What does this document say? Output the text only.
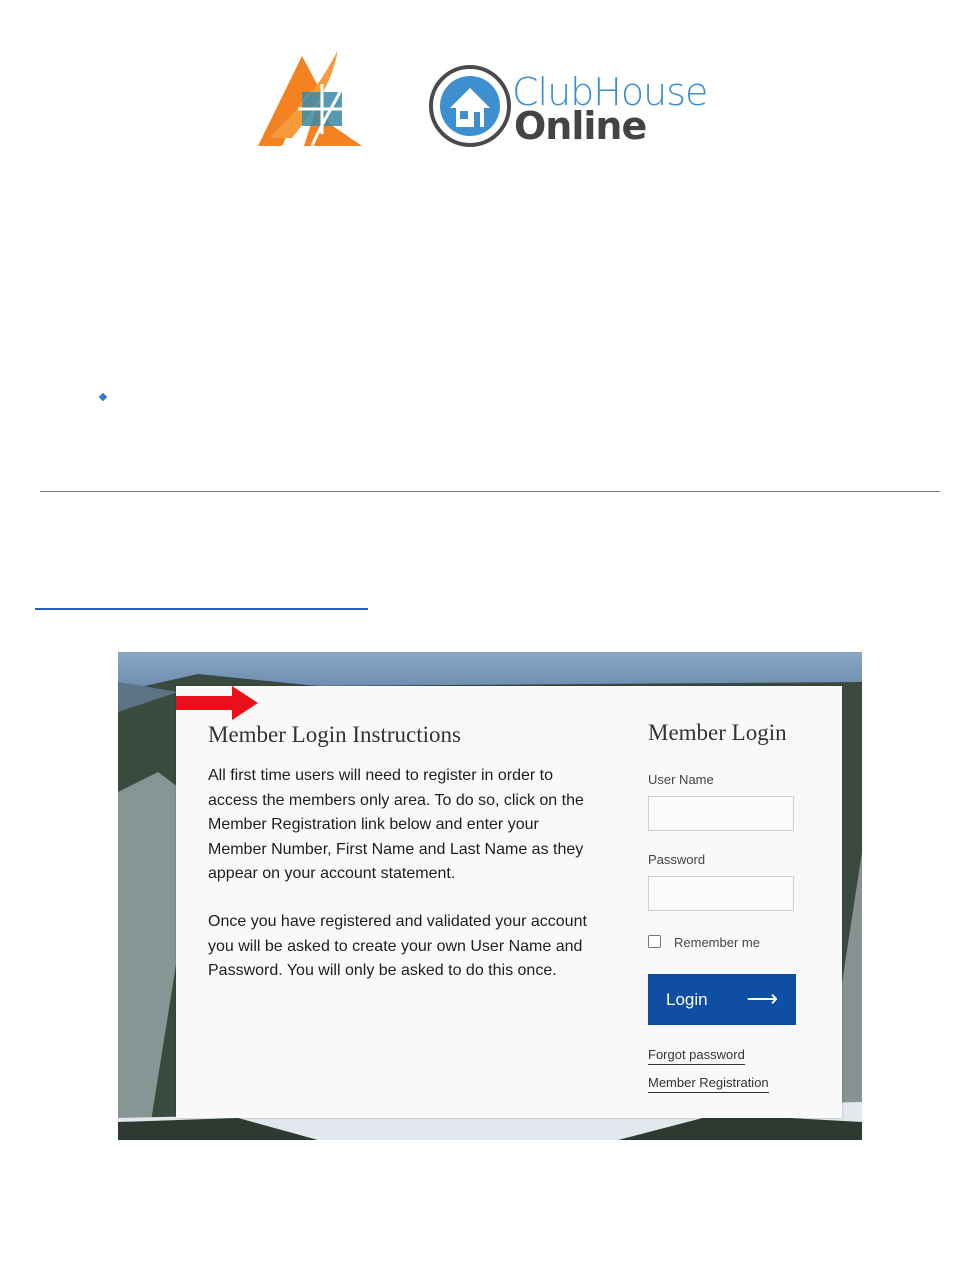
ClubHouse
Online
Member Login Instructions
All first time users will need to register in order to access the members only area. To do so, click on the Member Registration link below and enter your Member Number, First Name and Last Name as they appear on your account statement.
Once you have registered and validated your account you will be asked to create your own User Name and Password. You will only be asked to do this once.
Member Login
User Name
Password
Remember me
Login ⟶
Forgot password
Member Registration
